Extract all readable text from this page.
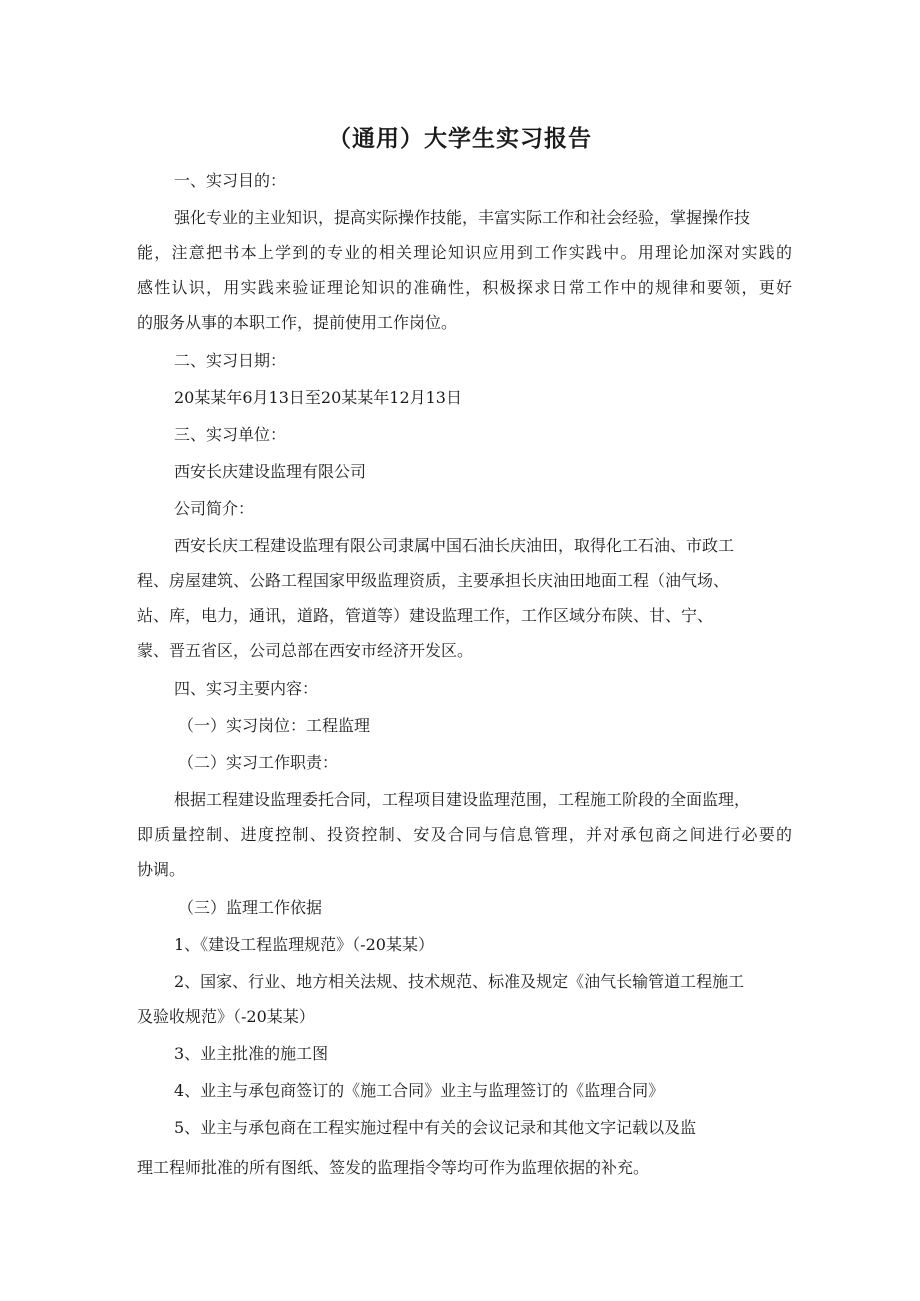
（通用）大学生实习报告
一、实习目的：
强化专业的主业知识，提高实际操作技能，丰富实际工作和社会经验，掌握操作技
能，注意把书本上学到的专业的相关理论知识应用到工作实践中。用理论加深对实践的
感性认识，用实践来验证理论知识的准确性，积极探求日常工作中的规律和要领，更好
的服务从事的本职工作，提前使用工作岗位。
二、实习日期：
20某某年6月13日至20某某年12月13日
三、实习单位：
西安长庆建设监理有限公司
公司简介：
西安长庆工程建设监理有限公司隶属中国石油长庆油田，取得化工石油、市政工
程、房屋建筑、公路工程国家甲级监理资质，主要承担长庆油田地面工程（油气场、
站、库，电力，通讯，道路，管道等）建设监理工作，工作区域分布陕、甘、宁、
蒙、晋五省区，公司总部在西安市经济开发区。
四、实习主要内容：
（一）实习岗位：工程监理
（二）实习工作职责：
根据工程建设监理委托合同，工程项目建设监理范围，工程施工阶段的全面监理，
即质量控制、进度控制、投资控制、安及合同与信息管理，并对承包商之间进行必要的
协调。
（三）监理工作依据
1、《建设工程监理规范》（-20某某）
2、国家、行业、地方相关法规、技术规范、标准及规定《油气长输管道工程施工
及验收规范》（-20某某）
3、业主批准的施工图
4、业主与承包商签订的《施工合同》业主与监理签订的《监理合同》
5、业主与承包商在工程实施过程中有关的会议记录和其他文字记载以及监
理工程师批准的所有图纸、签发的监理指令等均可作为监理依据的补充。
